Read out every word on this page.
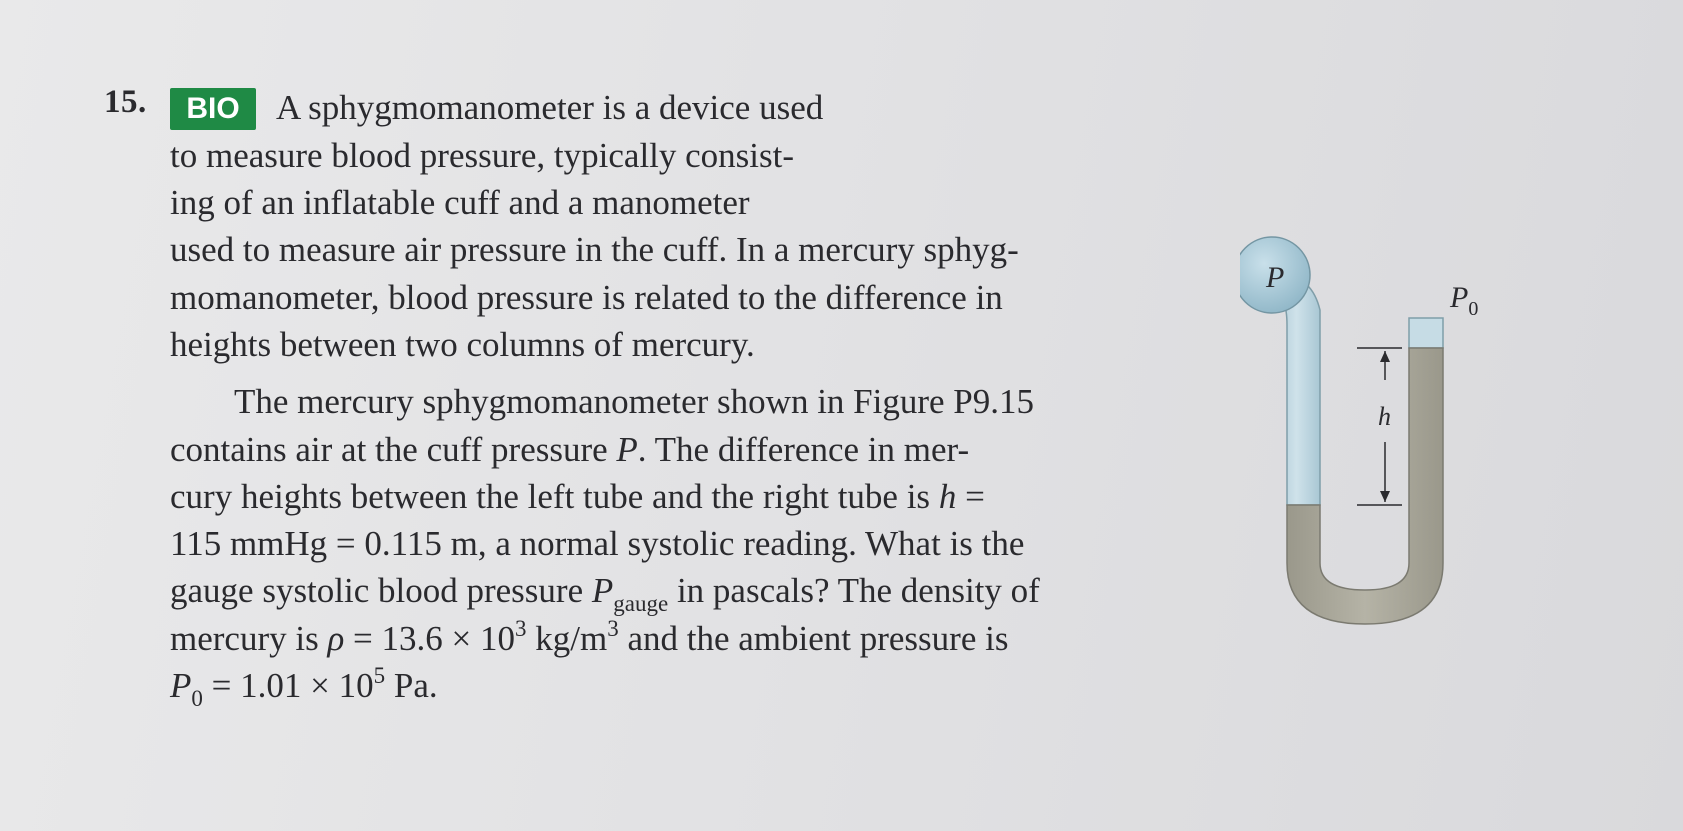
15.	BIO	A sphygmomanometer is a device used
to measure blood pressure, typically consist-
ing of an inflatable cuff and a manometer
used to measure air pressure in the cuff. In a mercury sphyg-
momanometer, blood pressure is related to the difference in
heights between two columns of mercury.
The mercury sphygmomanometer shown in Figure P9.15
contains air at the cuff pressure P. The difference in mer-
cury heights between the left tube and the right tube is h =
115 mmHg = 0.115 m, a normal systolic reading. What is the
gauge systolic blood pressure $P_{gauge}$ in pascals? The density of
mercury is $\rho = 13.6 \times 10^3$ $kg/m^3$ and the ambient pressure is
$P_0 = 1.01 \times 10^5$ Pa.
P
$P_0$
h
